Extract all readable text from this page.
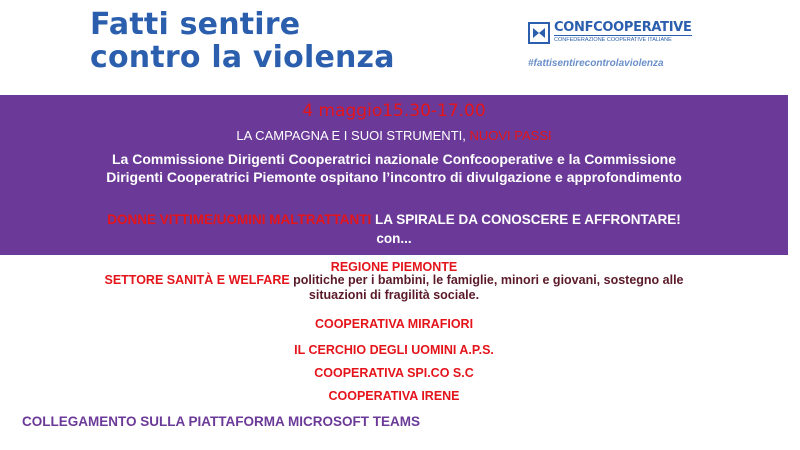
Fatti sentire
contro la violenza
CONFCOOPERATIVE
CONFEDERAZIONE COOPERATIVE ITALIANE
#fattisentirecontrolaviolenza
4 maggio15.30-17.00
LA CAMPAGNA E I SUOI STRUMENTI, NUOVI PASSI
La Commissione Dirigenti Cooperatrici nazionale Confcooperative e la Commissione
Dirigenti Cooperatrici Piemonte ospitano l’incontro di divulgazione e approfondimento
DONNE VITTIME/UOMINI MALTRATTANTI LA SPIRALE DA CONOSCERE E AFFRONTARE!
con...
REGIONE PIEMONTE
SETTORE SANITÀ E WELFARE politiche per i bambini, le famiglie, minori e giovani, sostegno alle
situazioni di fragilità sociale.
COOPERATIVA MIRAFIORI
IL CERCHIO DEGLI UOMINI A.P.S.
COOPERATIVA SPI.CO S.C
COOPERATIVA IRENE
COLLEGAMENTO SULLA PIATTAFORMA MICROSOFT TEAMS
